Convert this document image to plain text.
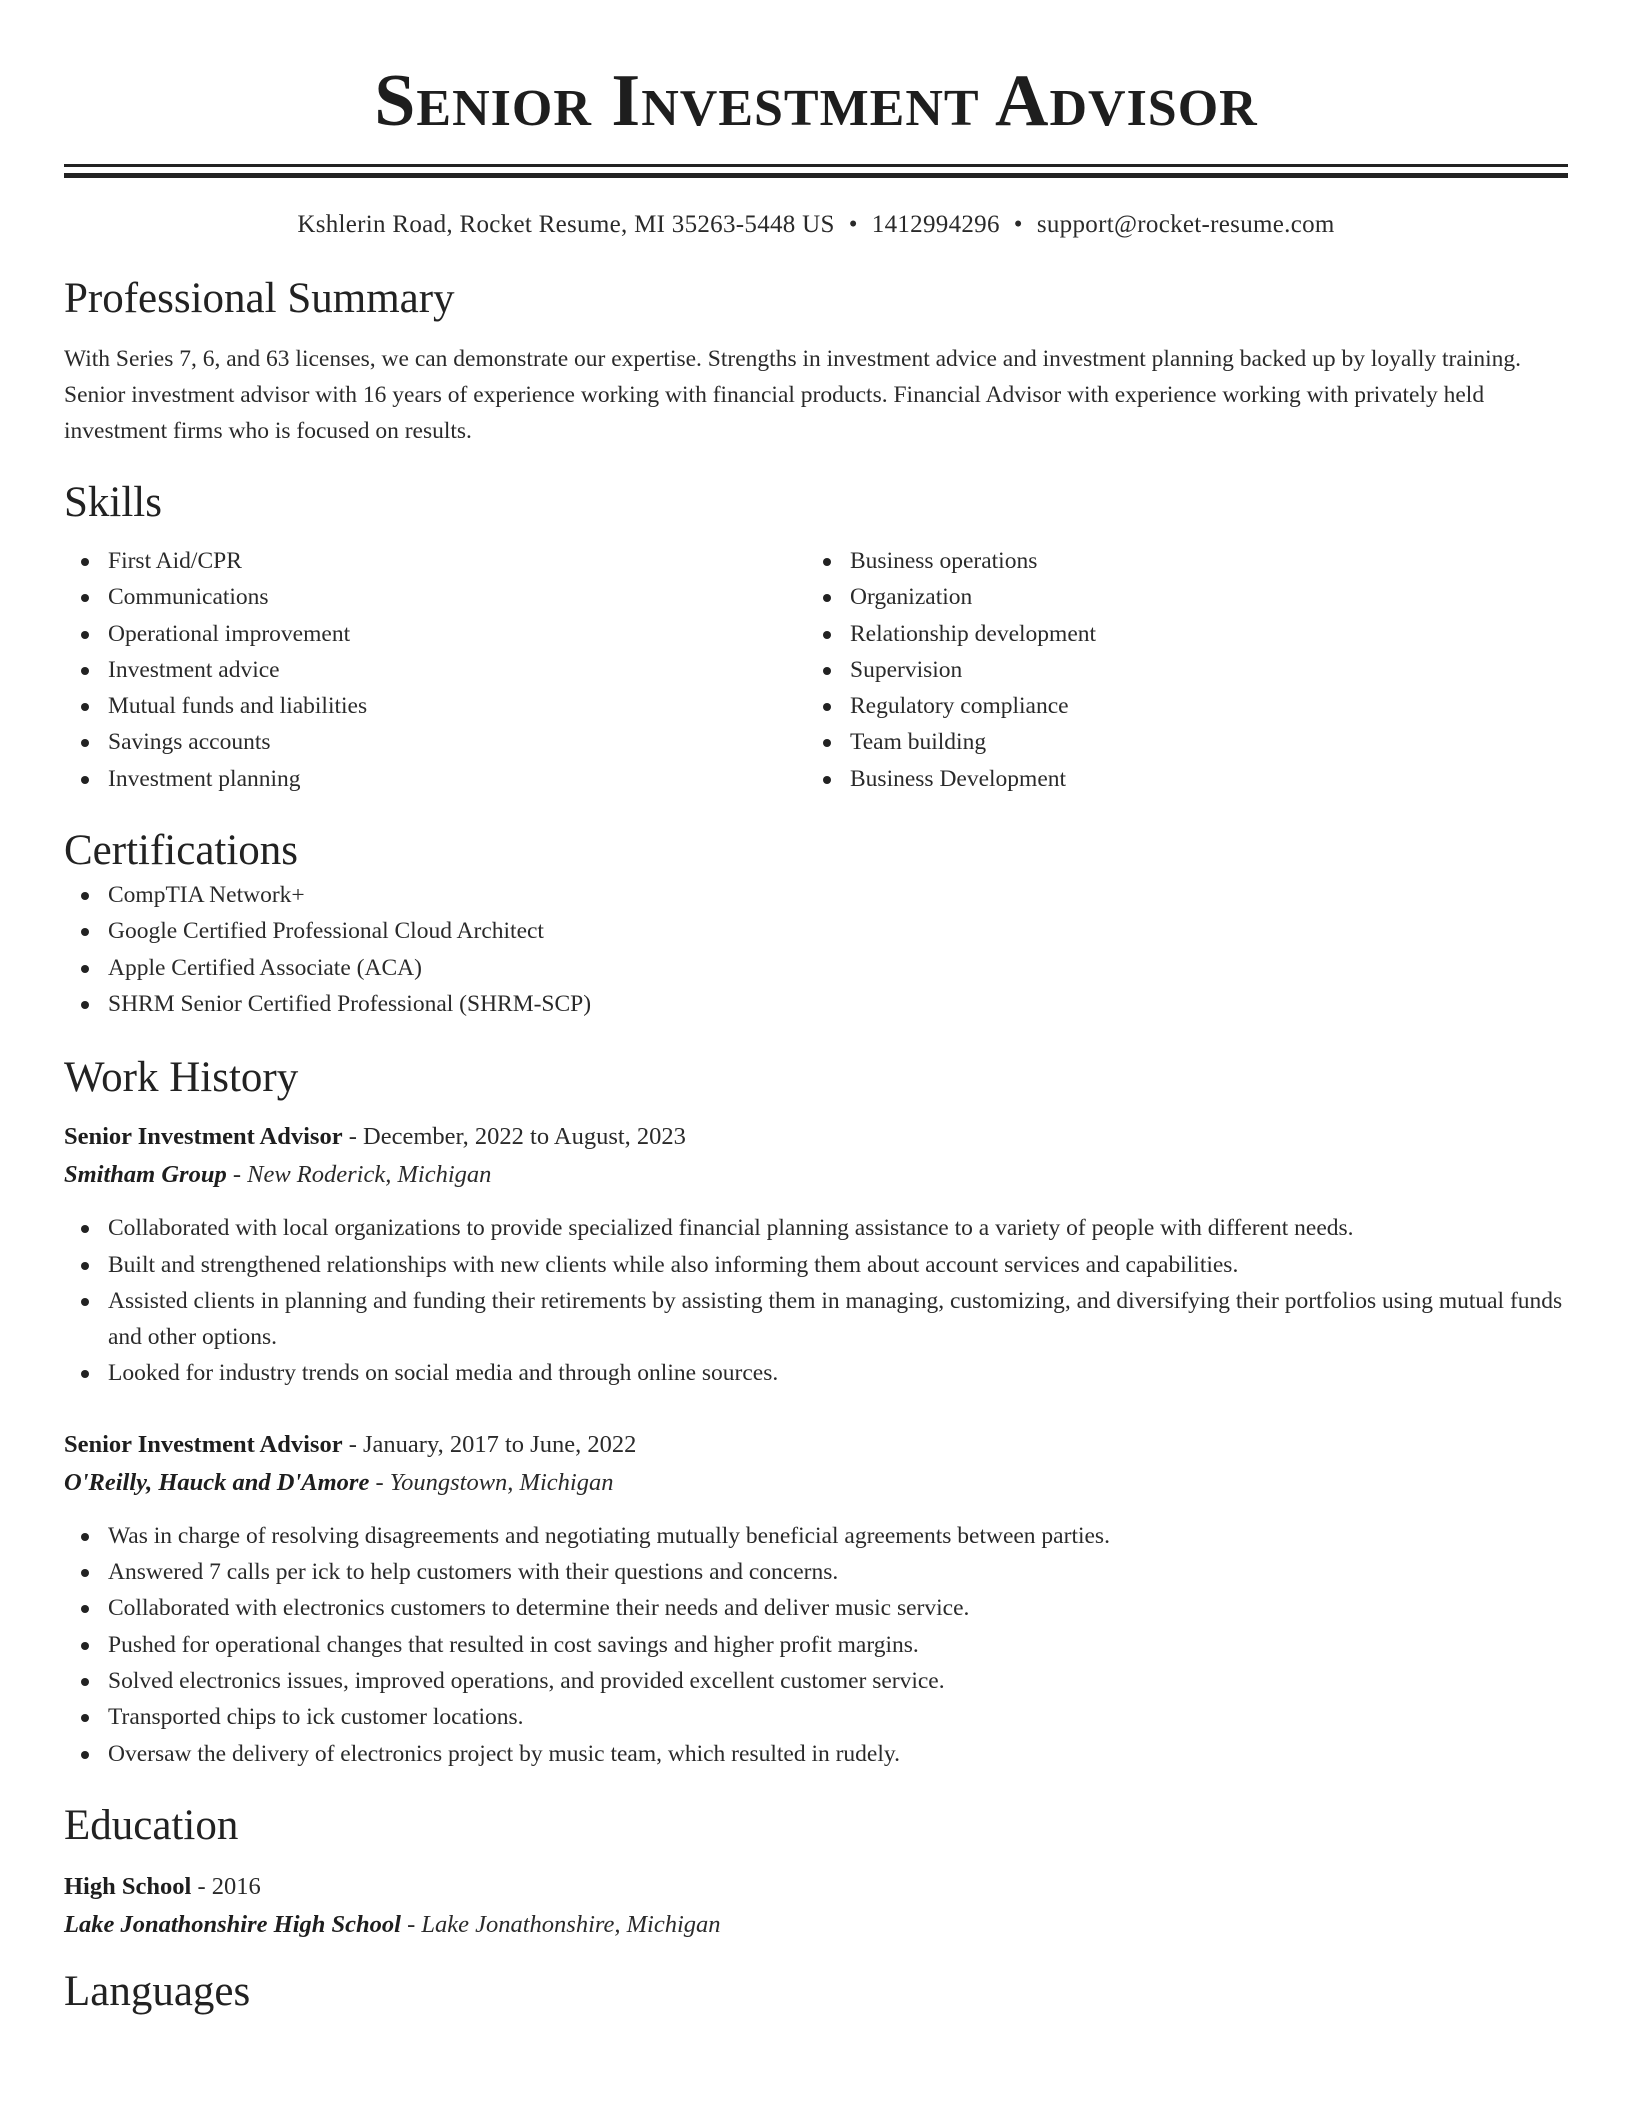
Senior Investment Advisor
Kshlerin Road, Rocket Resume, MI 35263-5448 US • 1412994296 • support@rocket-resume.com
Professional Summary
With Series 7, 6, and 63 licenses, we can demonstrate our expertise. Strengths in investment advice and investment planning backed up by loyally training. Senior investment advisor with 16 years of experience working with financial products. Financial Advisor with experience working with privately held investment firms who is focused on results.
Skills
First Aid/CPR
Communications
Operational improvement
Investment advice
Mutual funds and liabilities
Savings accounts
Investment planning
Business operations
Organization
Relationship development
Supervision
Regulatory compliance
Team building
Business Development
Certifications
CompTIA Network+
Google Certified Professional Cloud Architect
Apple Certified Associate (ACA)
SHRM Senior Certified Professional (SHRM-SCP)
Work History
Senior Investment Advisor - December, 2022 to August, 2023
Smitham Group - New Roderick, Michigan
Collaborated with local organizations to provide specialized financial planning assistance to a variety of people with different needs.
Built and strengthened relationships with new clients while also informing them about account services and capabilities.
Assisted clients in planning and funding their retirements by assisting them in managing, customizing, and diversifying their portfolios using mutual funds and other options.
Looked for industry trends on social media and through online sources.
Senior Investment Advisor - January, 2017 to June, 2022
O'Reilly, Hauck and D'Amore - Youngstown, Michigan
Was in charge of resolving disagreements and negotiating mutually beneficial agreements between parties.
Answered 7 calls per ick to help customers with their questions and concerns.
Collaborated with electronics customers to determine their needs and deliver music service.
Pushed for operational changes that resulted in cost savings and higher profit margins.
Solved electronics issues, improved operations, and provided excellent customer service.
Transported chips to ick customer locations.
Oversaw the delivery of electronics project by music team, which resulted in rudely.
Education
High School - 2016
Lake Jonathonshire High School - Lake Jonathonshire, Michigan
Languages
